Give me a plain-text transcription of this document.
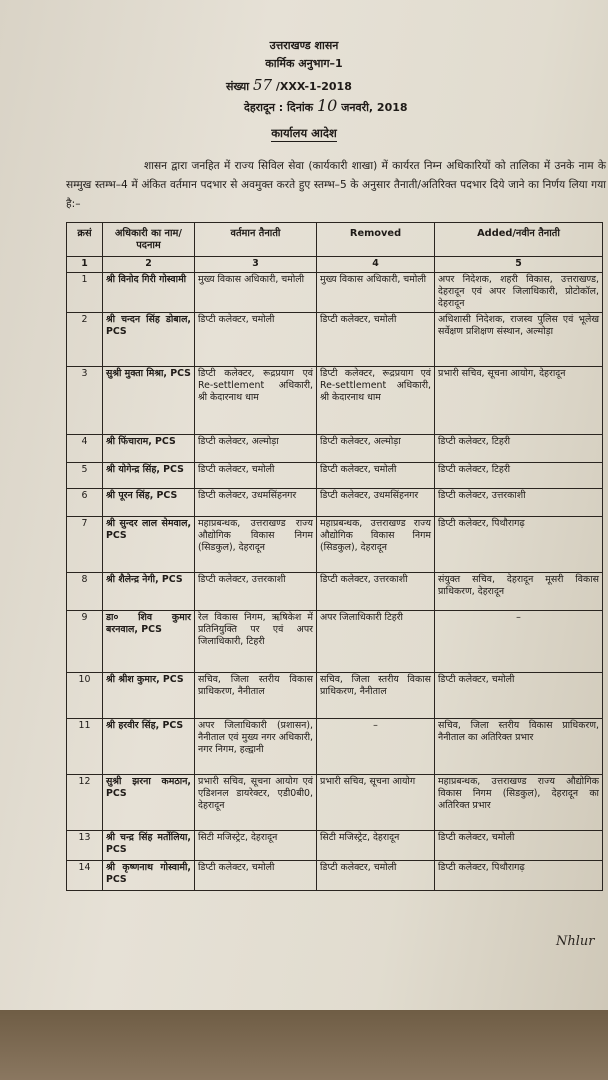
उत्तराखण्ड शासन
कार्मिक अनुभाग–1
संख्या 57 /XXX-1-2018
देहरादून : दिनांक 10 जनवरी, 2018
कार्यालय आदेश
शासन द्वारा जनहित में राज्य सिविल सेवा (कार्यकारी शाखा) में कार्यरत निम्न अधिकारियों को तालिका में उनके नाम के सम्मुख स्तम्भ–4 में अंकित वर्तमान पदभार से अवमुक्त करते हुए स्तम्भ–5 के अनुसार तैनाती/अतिरिक्त पदभार दिये जाने का निर्णय लिया गया है:–
क्रसं	अधिकारी का नाम/पदनाम	वर्तमान तैनाती	Removed	Added/नवीन तैनाती
1	2	3	4	5
1	श्री विनोद गिरी गोस्वामी	मुख्य विकास अधिकारी, चमोली	मुख्य विकास अधिकारी, चमोली	अपर निदेशक, शहरी विकास, उत्तराखण्ड, देहरादून एवं अपर जिलाधिकारी, प्रोटोकॉल, देहरादून
2	श्री चन्दन सिंह डोबाल, PCS	डिप्टी कलेक्टर, चमोली	डिप्टी कलेक्टर, चमोली	अधिशासी निदेशक, राजस्व पुलिस एवं भूलेख सर्वेक्षण प्रशिक्षण संस्थान, अल्मोड़ा
3	सुश्री मुक्ता मिश्रा, PCS	डिप्टी कलेक्टर, रूद्रप्रयाग एवं Re-settlement अधिकारी, श्री केदारनाथ धाम	डिप्टी कलेक्टर, रूद्रप्रयाग एवं Re-settlement अधिकारी, श्री केदारनाथ धाम	प्रभारी सचिव, सूचना आयोग, देहरादून
4	श्री फिंचाराम, PCS	डिप्टी कलेक्टर, अल्मोड़ा	डिप्टी कलेक्टर, अल्मोड़ा	डिप्टी कलेक्टर, टिहरी
5	श्री योगेन्द्र सिंह, PCS	डिप्टी कलेक्टर, चमोली	डिप्टी कलेक्टर, चमोली	डिप्टी कलेक्टर, टिहरी
6	श्री पूरन सिंह, PCS	डिप्टी कलेक्टर, उधमसिंहनगर	डिप्टी कलेक्टर, उधमसिंहनगर	डिप्टी कलेक्टर, उत्तरकाशी
7	श्री सुन्दर लाल सेमवाल, PCS	महाप्रबन्धक, उत्तराखण्ड राज्य औद्योगिक विकास निगम (सिडकुल), देहरादून	महाप्रबन्धक, उत्तराखण्ड राज्य औद्योगिक विकास निगम (सिडकुल), देहरादून	डिप्टी कलेक्टर, पिथौरागढ़
8	श्री शैलेन्द्र नेगी, PCS	डिप्टी कलेक्टर, उत्तरकाशी	डिप्टी कलेक्टर, उत्तरकाशी	संयुक्त सचिव, देहरादून मूसरी विकास प्राधिकरण, देहरादून
9	डा० शिव कुमार बरनवाल, PCS	रेल विकास निगम, ऋषिकेश में प्रतिनियुक्ति पर एवं अपर जिलाधिकारी, टिहरी	अपर जिलाधिकारी टिहरी	–
10	श्री श्रीश कुमार, PCS	सचिव, जिला स्तरीय विकास प्राधिकरण, नैनीताल	सचिव, जिला स्तरीय विकास प्राधिकरण, नैनीताल	डिप्टी कलेक्टर, चमोली
11	श्री हरवीर सिंह, PCS	अपर जिलाधिकारी (प्रशासन), नैनीताल एवं मुख्य नगर अधिकारी, नगर निगम, हल्द्वानी	–	सचिव, जिला स्तरीय विकास प्राधिकरण, नैनीताल का अतिरिक्त प्रभार
12	सुश्री झरना कमठान, PCS	प्रभारी सचिव, सूचना आयोग एवं एडिशनल डायरेक्टर, एडी0बी0, देहरादून	प्रभारी सचिव, सूचना आयोग	महाप्रबन्धक, उत्तराखण्ड राज्य औद्योगिक विकास निगम (सिडकुल), देहरादून का अतिरिक्त प्रभार
13	श्री चन्द्र सिंह मर्तोलिया, PCS	सिटी मजिस्ट्रेट, देहरादून	सिटी मजिस्ट्रेट, देहरादून	डिप्टी कलेक्टर, चमोली
14	श्री कृष्णनाथ गोस्वामी, PCS	डिप्टी कलेक्टर, चमोली	डिप्टी कलेक्टर, चमोली	डिप्टी कलेक्टर, पिथौरागढ़
Nhlur
